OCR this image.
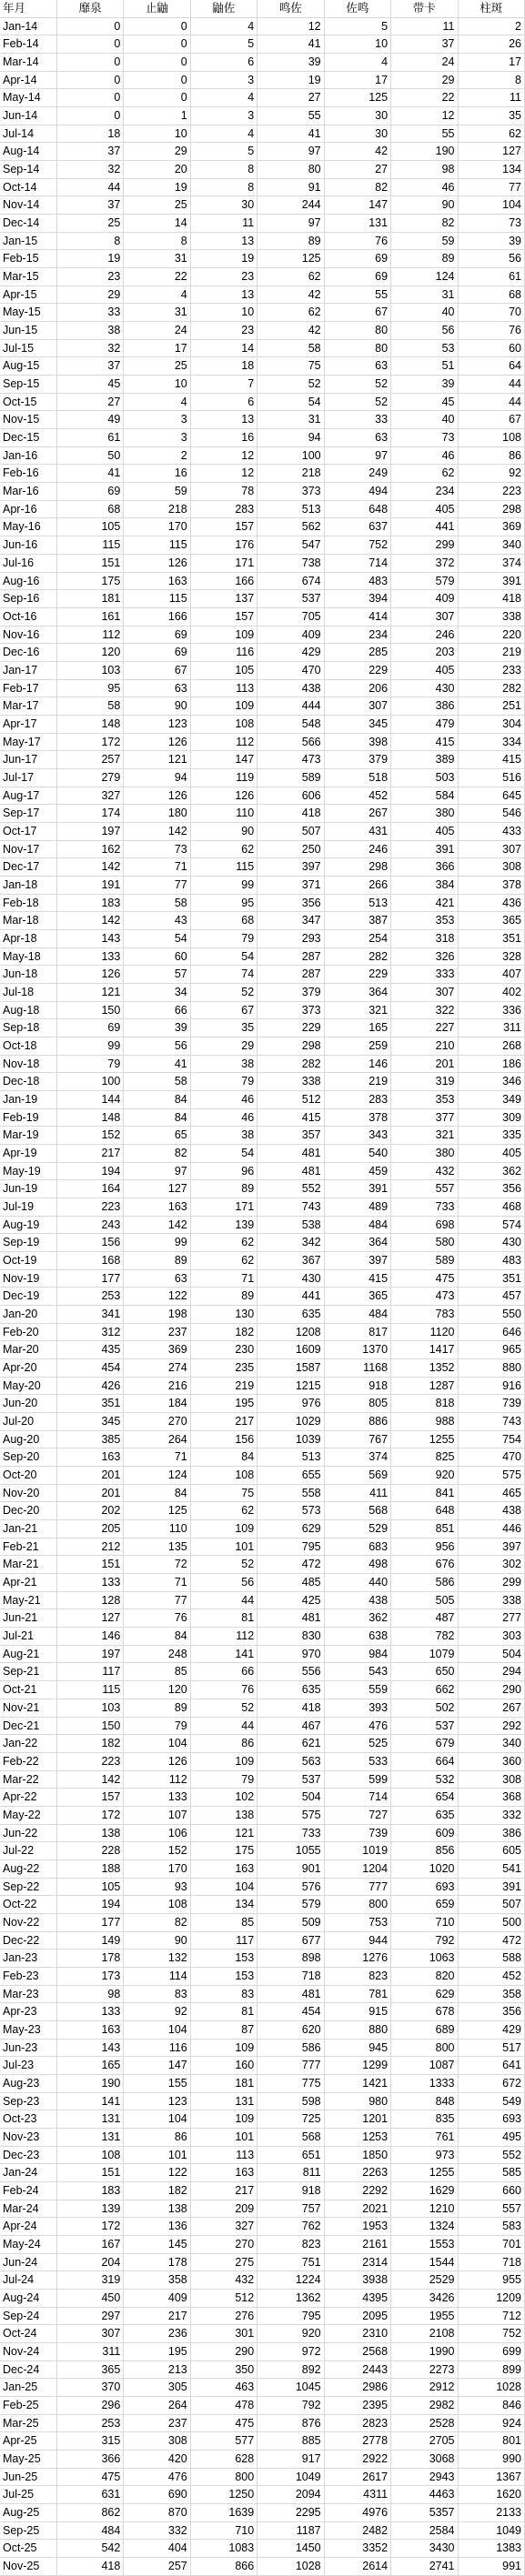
年月	靡泉	止鼬	鼬佐	鸣佐	佐鸣	带卡	柱斑
Jan-14	0	0	4	12	5	11	2
Feb-14	0	0	5	41	10	37	26
Mar-14	0	0	6	39	4	24	17
Apr-14	0	0	3	19	17	29	8
May-14	0	0	4	27	125	22	11
Jun-14	0	1	3	55	30	12	35
Jul-14	18	10	4	41	30	55	62
Aug-14	37	29	5	97	42	190	127
Sep-14	32	20	8	80	27	98	134
Oct-14	44	19	8	91	82	46	77
Nov-14	37	25	30	244	147	90	104
Dec-14	25	14	11	97	131	82	73
Jan-15	8	8	13	89	76	59	39
Feb-15	19	31	19	125	69	89	56
Mar-15	23	22	23	62	69	124	61
Apr-15	29	4	13	42	55	31	68
May-15	33	31	10	62	67	40	70
Jun-15	38	24	23	42	80	56	76
Jul-15	32	17	14	58	80	53	60
Aug-15	37	25	18	75	63	51	64
Sep-15	45	10	7	52	52	39	44
Oct-15	27	4	6	54	52	45	44
Nov-15	49	3	13	31	33	40	67
Dec-15	61	3	16	94	63	73	108
Jan-16	50	2	12	100	97	46	86
Feb-16	41	16	12	218	249	62	92
Mar-16	69	59	78	373	494	234	223
Apr-16	68	218	283	513	648	405	298
May-16	105	170	157	562	637	441	369
Jun-16	115	115	176	547	752	299	340
Jul-16	151	126	171	738	714	372	374
Aug-16	175	163	166	674	483	579	391
Sep-16	181	115	137	537	394	409	418
Oct-16	161	166	157	705	414	307	338
Nov-16	112	69	109	409	234	246	220
Dec-16	120	69	116	429	285	203	219
Jan-17	103	67	105	470	229	405	233
Feb-17	95	63	113	438	206	430	282
Mar-17	58	90	109	444	307	386	251
Apr-17	148	123	108	548	345	479	304
May-17	172	126	112	566	398	415	334
Jun-17	257	121	147	473	379	389	415
Jul-17	279	94	119	589	518	503	516
Aug-17	327	126	126	606	452	584	645
Sep-17	174	180	110	418	267	380	546
Oct-17	197	142	90	507	431	405	433
Nov-17	162	73	62	250	246	391	307
Dec-17	142	71	115	397	298	366	308
Jan-18	191	77	99	371	266	384	378
Feb-18	183	58	95	356	513	421	436
Mar-18	142	43	68	347	387	353	365
Apr-18	143	54	79	293	254	318	351
May-18	133	60	54	287	282	326	328
Jun-18	126	57	74	287	229	333	407
Jul-18	121	34	52	379	364	307	402
Aug-18	150	66	67	373	321	322	336
Sep-18	69	39	35	229	165	227	311
Oct-18	99	56	29	298	259	210	268
Nov-18	79	41	38	282	146	201	186
Dec-18	100	58	79	338	219	319	346
Jan-19	144	84	46	512	283	353	349
Feb-19	148	84	46	415	378	377	309
Mar-19	152	65	38	357	343	321	335
Apr-19	217	82	54	481	540	380	405
May-19	194	97	96	481	459	432	362
Jun-19	164	127	89	552	391	557	356
Jul-19	223	163	171	743	489	733	468
Aug-19	243	142	139	538	484	698	574
Sep-19	156	99	62	342	364	580	430
Oct-19	168	89	62	367	397	589	483
Nov-19	177	63	71	430	415	475	351
Dec-19	253	122	89	441	365	473	457
Jan-20	341	198	130	635	484	783	550
Feb-20	312	237	182	1208	817	1120	646
Mar-20	435	369	230	1609	1370	1417	965
Apr-20	454	274	235	1587	1168	1352	880
May-20	426	216	219	1215	918	1287	916
Jun-20	351	184	195	976	805	818	739
Jul-20	345	270	217	1029	886	988	743
Aug-20	385	264	156	1039	767	1255	754
Sep-20	163	71	84	513	374	825	470
Oct-20	201	124	108	655	569	920	575
Nov-20	201	84	75	558	411	841	465
Dec-20	202	125	62	573	568	648	438
Jan-21	205	110	109	629	529	851	446
Feb-21	212	135	101	795	683	956	397
Mar-21	151	72	52	472	498	676	302
Apr-21	133	71	56	485	440	586	299
May-21	128	77	44	425	438	505	338
Jun-21	127	76	81	481	362	487	277
Jul-21	146	84	112	830	638	782	303
Aug-21	197	248	141	970	984	1079	504
Sep-21	117	85	66	556	543	650	294
Oct-21	115	120	76	635	559	662	290
Nov-21	103	89	52	418	393	502	267
Dec-21	150	79	44	467	476	537	292
Jan-22	182	104	86	621	525	679	340
Feb-22	223	126	109	563	533	664	360
Mar-22	142	112	79	537	599	532	308
Apr-22	157	133	102	504	714	654	368
May-22	172	107	138	575	727	635	332
Jun-22	138	106	121	733	739	609	386
Jul-22	228	152	175	1055	1019	856	605
Aug-22	188	170	163	901	1204	1020	541
Sep-22	105	93	104	576	777	693	391
Oct-22	194	108	134	579	800	659	507
Nov-22	177	82	85	509	753	710	500
Dec-22	149	90	117	677	944	792	472
Jan-23	178	132	153	898	1276	1063	588
Feb-23	173	114	153	718	823	820	452
Mar-23	98	83	83	481	781	629	358
Apr-23	133	92	81	454	915	678	356
May-23	163	104	87	620	880	689	429
Jun-23	143	116	109	586	945	800	517
Jul-23	165	147	160	777	1299	1087	641
Aug-23	190	155	181	775	1421	1333	672
Sep-23	141	123	131	598	980	848	549
Oct-23	131	104	109	725	1201	835	693
Nov-23	131	86	101	568	1253	761	495
Dec-23	108	101	113	651	1850	973	552
Jan-24	151	122	163	811	2263	1255	585
Feb-24	183	182	217	918	2292	1629	660
Mar-24	139	138	209	757	2021	1210	557
Apr-24	172	136	327	762	1953	1324	583
May-24	167	145	270	823	2161	1553	701
Jun-24	204	178	275	751	2314	1544	718
Jul-24	319	358	432	1224	3938	2529	955
Aug-24	450	409	512	1362	4395	3426	1209
Sep-24	297	217	276	795	2095	1955	712
Oct-24	307	236	301	920	2310	2108	752
Nov-24	311	195	290	972	2568	1990	699
Dec-24	365	213	350	892	2443	2273	899
Jan-25	370	305	463	1045	2986	2912	1028
Feb-25	296	264	478	792	2395	2982	846
Mar-25	253	237	475	876	2823	2528	924
Apr-25	315	308	577	885	2778	2705	801
May-25	366	420	628	917	2922	3068	990
Jun-25	475	476	800	1049	2617	2943	1367
Jul-25	631	690	1250	2094	4311	4463	1620
Aug-25	862	870	1639	2295	4976	5357	2133
Sep-25	484	332	710	1187	2482	2584	1049
Oct-25	542	404	1083	1450	3352	3430	1383
Nov-25	418	257	866	1028	2614	2741	991
